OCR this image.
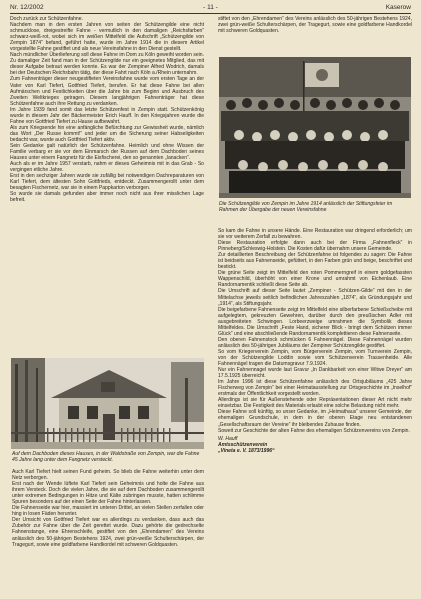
Nr. 12/2002	- 11 -	Kaserow

Doch zurück zur Schützenfahne.

Nachdem man in den ersten Jahren von seiten der Schützengilde eine nicht schmucklose, dreigestreifte Fahne - vermutlich in den damaligen „Reichsfarben“ schwarz-weiß-rot, wobei sich im weißen Mittelfeld die Aufschrift „Schützengilde von Zempin 1874“ befand, geführt hatte, wurde im Jahre 1914 die in diesem Artikel vorgestellte Fahne gestiftet und als neue Vereinsfahne in den Dienst gestellt.

Nach mündlicher Überlieferung soll diese Fahne im Dom zu Köln geweiht worden sein. Zu damaliger Zeit fand man in der Schützengilde nur ein geeignetes Mitglied, das mit dieser Aufgabe betraut werden konnte. Es war der Zempiner Alfred Wodrich, damals bei der Deutschen Reichsbahn tätig, der diese Fahrt nach Köln a./Rhein unternahm.

Zum Fahnenträger dieser neugestifteten Vereinsfahne wurde vom ersten Tage an der Vater von Karl Tiefert, Gottfried Tiefert, berufen. Er hat diese Fahne bei allen Aufmärschen und Festlichkeiten über die Jahre bis zum Beginn und Ausbruch des Zweiten Weltkrieges getragen. Diesem langjährigen Fahnenträger hat diese Schützenfahne auch ihre Rettung zu verdanken.

Im Jahre 1939 fand somit das letzte Schützenfest in Zempin statt. Schützenkönig wurde in diesem Jahr der Bäckermeister Erich Hauff. In den Kriegsjahren wurde die Fahne von Gottfried Tiefert zu Hause aufbewahrt.

Als zum Kriegsende hin eine anfängliche Befürchtung zur Gewissheit wurde, nämlich das Wort „Der Russe kommt!“ und jeder um die Sicherung seiner Habseligkeiten bedacht war, wurde auch Gottfried Tiefert aktiv.

Sein Gedanke galt natürlich der Schützenfahne. Heimlich und ohne Wissen der Familie verbarg er sie vor dem Einmarsch der Russen auf dem Dachboden seines Hauses unter einem Fangnetz für die Eisfischerei, den so genannten „Ianacken“.

Auch als er im Jahre 1957 verstarb, nahm er dieses Geheimnis mit in das Grab - So vergingen etliche Jahre.

Erst in den sechziger Jahren wurde sie zufällig bei notwendigen Dachreparaturen von Karl Tiefert, dem ältesten Sohn Gottfrieds, entdeckt. Zusammengerollt unter dem besagten Fischernetz, war sie in einem Pappkarton verborgen.

So wurde sie damals gefunden aber immer noch nicht aus ihrer misslichen Lage befreit.

Auf dem Dachboden dieses Hauses, in der Waldstraße von Zempin, war die Fahne 45 Jahre lang unter dem Fangnetz versteckt.

Auch Karl Tiefert hielt seinen Fund geheim. So blieb die Fahne weiterhin unter dem Netz verborgen.

Erst nach der Wende lüftete Karl Tiefert sein Geheimnis und holte die Fahne aus ihrem Versteck. Doch die vielen Jahre, die sie auf dem Dachboden zusammengerollt unter extremen Bedingungen in Hitze und Kälte zubringen musste, hatten schlimme Spuren besonders auf der einen Seite der Fahne hinterlassen.

Die Fahnenseide war hier, massiert im unteren Drittel, an vielen Stellen zerfallen oder hing in losen Fäden herunter.

Der Umsicht von Gottfried Tiefert war es allerdings zu verdanken, dass auch das Zubehör zur Fahne über die Zeit gerettet wurde. Dazu gehörte die gedrechselte Fahnenstange, eine Ehrenschleife, gestiftet von den „Ehrendamen“ des Vereins anlässlich des 50-jährigen Bestehens 1924, zwei grün-weiße Schulterschärpen, der Tragegurt, sowie eine goldfarbene Handkordel mit schweren Goldquasten.

stiftet von den „Ehrendamen“ des Vereins anlässlich des 50-jährigen Bestehens 1924, zwei grün-weiße Schulterschärpen, der Tragegurt, sowie eine goldfarbene Handkordel mit schweren Goldquasten.

Die Schützengilde von Zempin im Jahre 1914 anlässlich der Stiftungsfeier im Rahmen der Übergabe der neuen Vereinsfahne

So kam die Fahne in unsere Hände. Eine Restauration war dringend erforderlich; um sie vor weiterem Zerfall zu bewahren.

Diese Restauration erfolgte dann auch bei der Firma „Fahnenfleck“ in Pinneberg/Schleswig-Holstein. Die Kosten dafür übernahm unsere Gemeinde.

Zur detaillierten Beschreibung der Schützenfahne ist folgendes zu sagen: Die Fahne ist beidseits aus Fahnenseide, gefüttert, in den Farben grün und beige, beschriftet und bestickt.

Die grüne Seite zeigt im Mittelfeld den roten Pommerngreif in einem goldgefassten Wappenschild, überhöht von einer Krone und umrahmt von Eichenlaub. Eine Randornamentik schließt diese Seite ab.

Die Umschrift auf dieser Seite lautet „Zempiner - Schützen-Gilde“ mit den in der Mittelachse jeweils seitlich befindlichen Jahreszahlen „1874“, als Gründungsjahr und „1914“, als Stiftungsjahr.

Die beigefarbene Fahnenseite zeigt im Mittelfeld eine silberfarbene Schießscheibe mit aufgelegtem, gekreuzten Gewehren, darüber durch den preußischen Adler mit ausgebreiteten Schwingen. Lorbeerzweige umrahmen die Symbolik dieses Mittelfeldes. Die Umschrift „Feste Hand, sicherer Blick - bringt dem Schützen immer Glück“ und eine abschließende Randornamentik komplettieren diese Fahnenseite.

Den oberen Fahnenstock schmücken 6 Fahnennägel. Diese Fahnennägel wurden anlässlich des 50-jährigen Jubiläums der Zempiner Schützengilde gestiftet.

So vom Kriegerverein Zempin, vom Bürgerverein Zempin, vom Turnverein Zempin, von der Schützengilde Loddin sowie vom Schützenverein Trassenheide. Alle Fahnennägel tragen die Datumsgravur 7.9.1924.

Nur ein Fahnennagel wurde laut Gravur „In Dankbarkeit von einer Witwe Dreyer“ am 17.5.1925 überreicht.

Im Jahre 1996 ist diese Schützenfahne anlässlich des Ortsjubiläums „425 Jahre Fischerweg von Zempin“ bei einer Heimatausstellung zur Ortsgeschichte im „Inselhof“ erstmals der Öffentlichkeit vorgestellt worden.

Allerdings ist sie für Außenstehende oder Repräsentationen dieser Art nicht mehr einsetzbar. Die Festigkeit des Materials erlaubt eine solche Belastung nicht mehr.

Diese Fahne soll künftig, so unser Gedanke, im „Heimathaus“ unserer Gemeinde, der ehemaligen Grundschule, in dem in der oberen Etage neu entstandenen „Gesellschaftsraum der Vereine“ ihr bleibendes Zuhause finden.

Soweit zur Geschichte der alten Fahne des ehemaligen Schützenvereins von Zempin.

W. Hauff
Amtsschützenverein
„Vineta e. V. 1873/1996“
